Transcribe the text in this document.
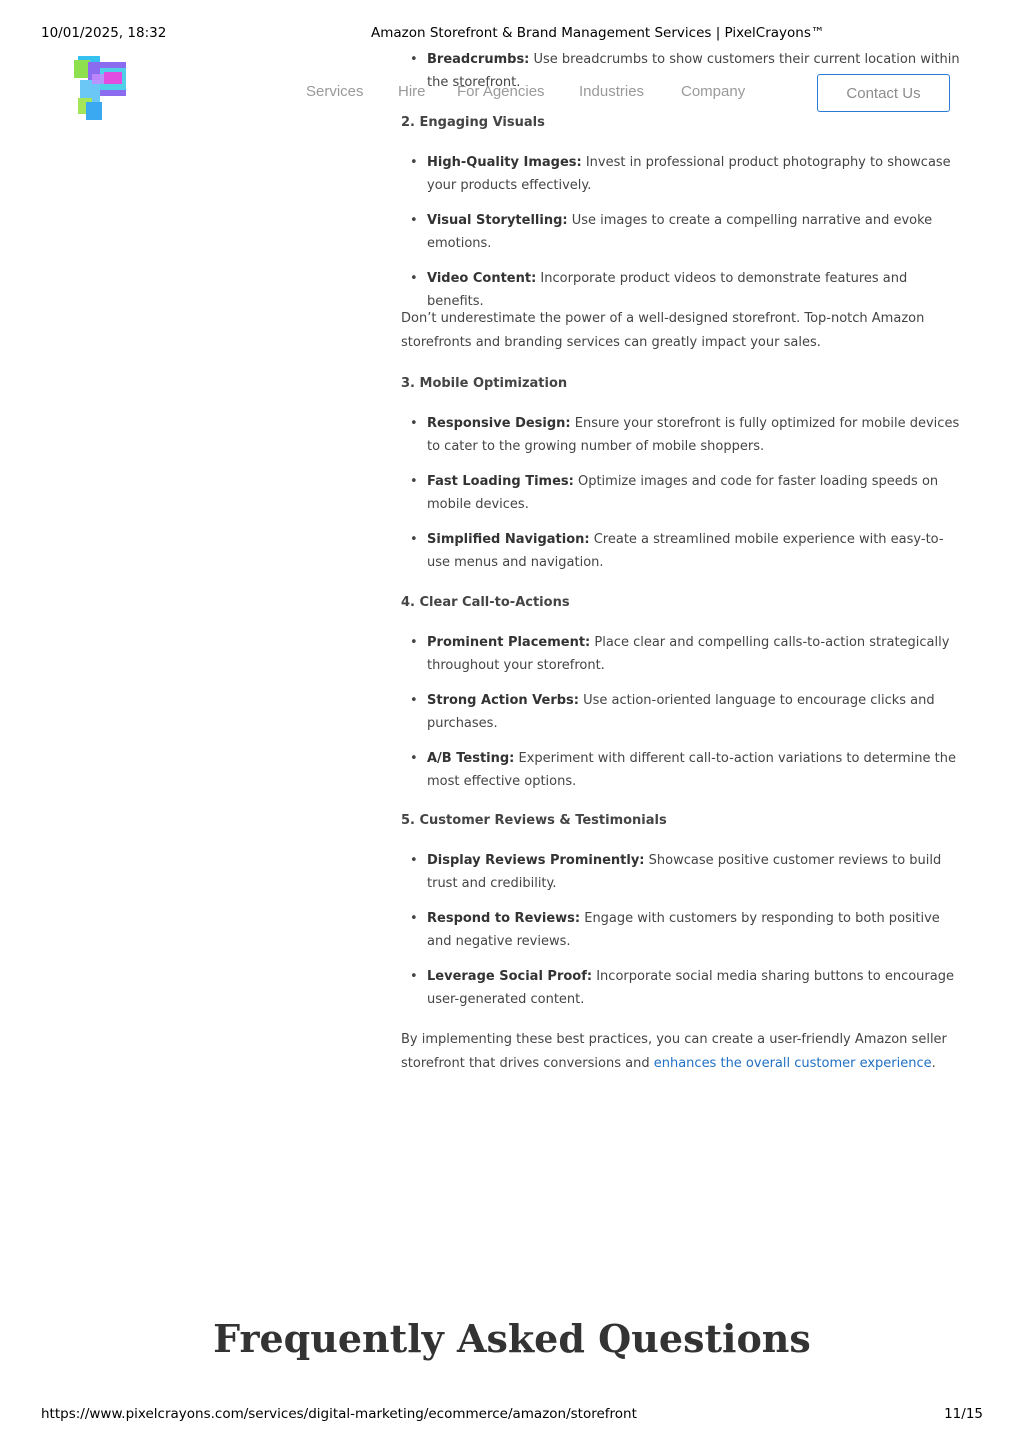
10/01/2025, 18:32	Amazon Storefront & Brand Management Services | PixelCrayons™
Services Hire For Agencies Industries Company	Contact Us
• Breadcrumbs: Use breadcrumbs to show customers their current location within the storefront.
2. Engaging Visuals
• High-Quality Images: Invest in professional product photography to showcase your products effectively.
• Visual Storytelling: Use images to create a compelling narrative and evoke emotions.
• Video Content: Incorporate product videos to demonstrate features and benefits.

Don’t underestimate the power of a well-designed storefront. Top-notch Amazon storefronts and branding services can greatly impact your sales.

3. Mobile Optimization
• Responsive Design: Ensure your storefront is fully optimized for mobile devices to cater to the growing number of mobile shoppers.
• Fast Loading Times: Optimize images and code for faster loading speeds on mobile devices.
• Simplified Navigation: Create a streamlined mobile experience with easy-to-use menus and navigation.
4. Clear Call-to-Actions
• Prominent Placement: Place clear and compelling calls-to-action strategically throughout your storefront.
• Strong Action Verbs: Use action-oriented language to encourage clicks and purchases.
• A/B Testing: Experiment with different call-to-action variations to determine the most effective options.
5. Customer Reviews & Testimonials
• Display Reviews Prominently: Showcase positive customer reviews to build trust and credibility.
• Respond to Reviews: Engage with customers by responding to both positive and negative reviews.
• Leverage Social Proof: Incorporate social media sharing buttons to encourage user-generated content.

By implementing these best practices, you can create a user-friendly Amazon seller storefront that drives conversions and enhances the overall customer experience.

Frequently Asked Questions
https://www.pixelcrayons.com/services/digital-marketing/ecommerce/amazon/storefront	11/15
